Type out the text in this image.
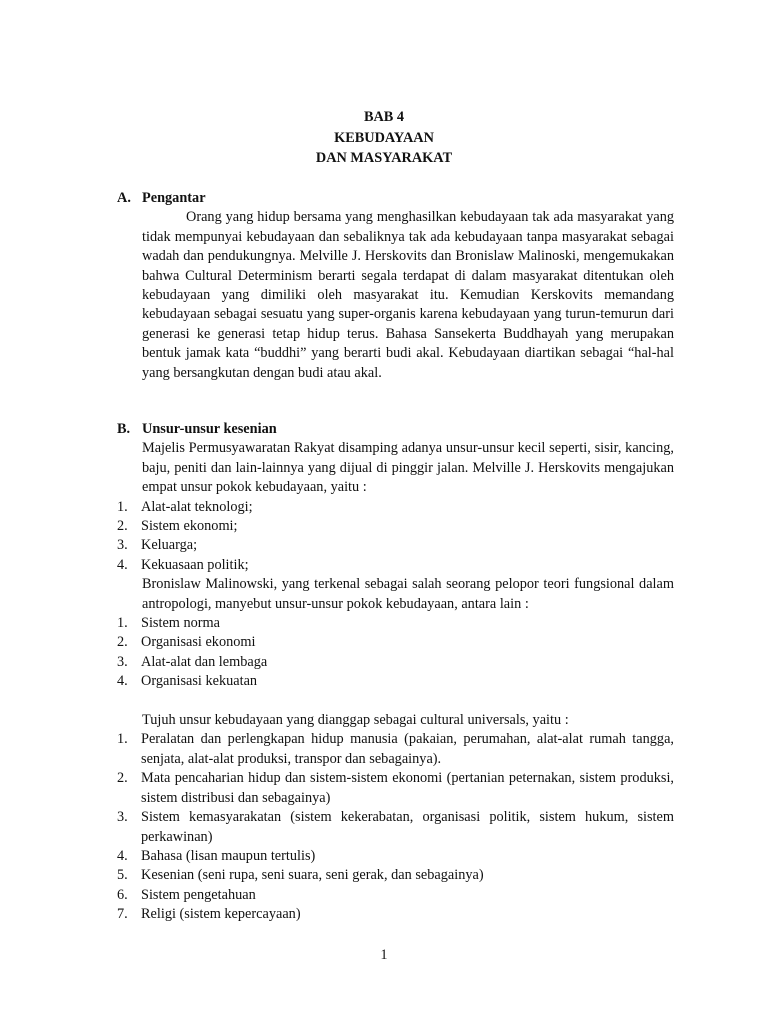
BAB 4
KEBUDAYAAN
DAN MASYARAKAT
A. Pengantar
Orang yang hidup bersama yang menghasilkan kebudayaan tak ada masyarakat yang tidak mempunyai kebudayaan dan sebaliknya tak ada kebudayaan tanpa masyarakat sebagai wadah dan pendukungnya. Melville J. Herskovits dan Bronislaw Malinoski, mengemukakan bahwa Cultural Determinism berarti segala terdapat di dalam masyarakat ditentukan oleh kebudayaan yang dimiliki oleh masyarakat itu. Kemudian Kerskovits memandang kebudayaan sebagai sesuatu yang super-organis karena kebudayaan yang turun-temurun dari generasi ke generasi tetap hidup terus. Bahasa Sansekerta Buddhayah yang merupakan bentuk jamak kata “buddhi” yang berarti budi akal. Kebudayaan diartikan sebagai “hal-hal yang bersangkutan dengan budi atau akal.
B. Unsur-unsur kesenian
Majelis Permusyawaratan Rakyat disamping adanya unsur-unsur kecil seperti, sisir, kancing, baju, peniti dan lain-lainnya yang dijual di pinggir jalan. Melville J. Herskovits mengajukan empat unsur pokok kebudayaan, yaitu :
1. Alat-alat teknologi;
2. Sistem ekonomi;
3. Keluarga;
4. Kekuasaan politik;
Bronislaw Malinowski, yang terkenal sebagai salah seorang pelopor teori fungsional dalam antropologi, manyebut unsur-unsur pokok kebudayaan, antara lain :
1. Sistem norma
2. Organisasi ekonomi
3. Alat-alat dan lembaga
4. Organisasi kekuatan
Tujuh unsur kebudayaan yang dianggap sebagai cultural universals, yaitu :
1. Peralatan dan perlengkapan hidup manusia (pakaian, perumahan, alat-alat rumah tangga, senjata, alat-alat produksi, transpor dan sebagainya).
2. Mata pencaharian hidup dan sistem-sistem ekonomi (pertanian peternakan, sistem produksi, sistem distribusi dan sebagainya)
3. Sistem kemasyarakatan (sistem kekerabatan, organisasi politik, sistem hukum, sistem perkawinan)
4. Bahasa (lisan maupun tertulis)
5. Kesenian (seni rupa, seni suara, seni gerak, dan sebagainya)
6. Sistem pengetahuan
7. Religi (sistem kepercayaan)
1
